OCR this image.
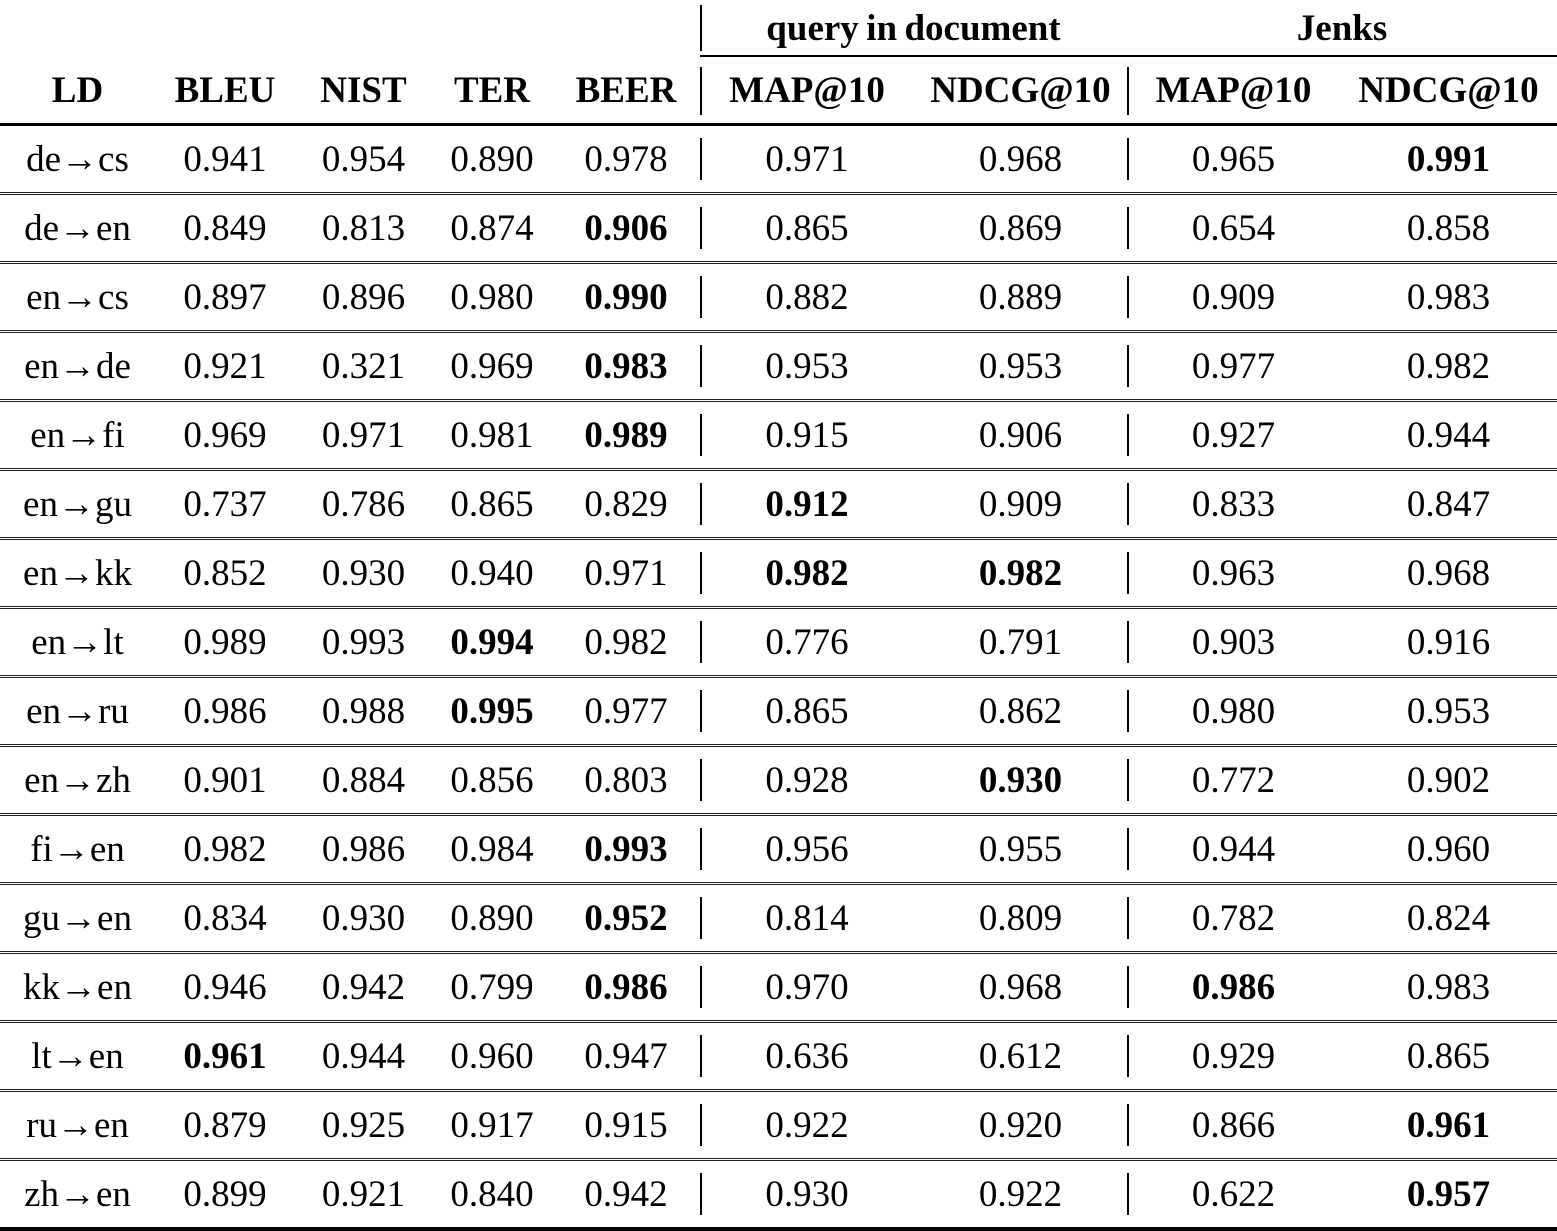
					query in document		Jenks	

LD	BLEU	NIST	TER	BEER	MAP@10	NDCG@10	MAP@10	NDCG@10
de→cs	0.941	0.954	0.890	0.978	0.971	0.968	0.965	0.991
de→en	0.849	0.813	0.874	0.906	0.865	0.869	0.654	0.858
en→cs	0.897	0.896	0.980	0.990	0.882	0.889	0.909	0.983
en→de	0.921	0.321	0.969	0.983	0.953	0.953	0.977	0.982
en→fi	0.969	0.971	0.981	0.989	0.915	0.906	0.927	0.944
en→gu	0.737	0.786	0.865	0.829	0.912	0.909	0.833	0.847
en→kk	0.852	0.930	0.940	0.971	0.982	0.982	0.963	0.968
en→lt	0.989	0.993	0.994	0.982	0.776	0.791	0.903	0.916
en→ru	0.986	0.988	0.995	0.977	0.865	0.862	0.980	0.953
en→zh	0.901	0.884	0.856	0.803	0.928	0.930	0.772	0.902
fi→en	0.982	0.986	0.984	0.993	0.956	0.955	0.944	0.960
gu→en	0.834	0.930	0.890	0.952	0.814	0.809	0.782	0.824
kk→en	0.946	0.942	0.799	0.986	0.970	0.968	0.986	0.983
lt→en	0.961	0.944	0.960	0.947	0.636	0.612	0.929	0.865
ru→en	0.879	0.925	0.917	0.915	0.922	0.920	0.866	0.961
zh→en	0.899	0.921	0.840	0.942	0.930	0.922	0.622	0.957
